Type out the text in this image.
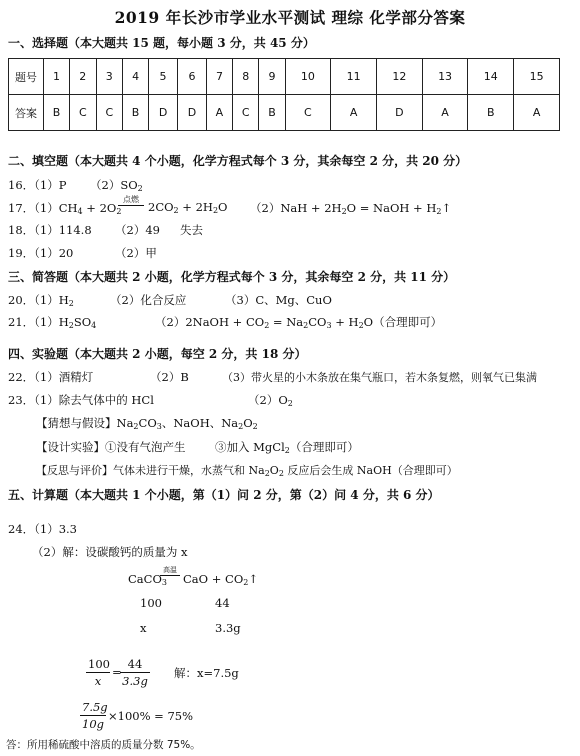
2019 年长沙市学业水平测试 理综 化学部分答案
一、选择题（本大题共 15 题，每小题 3 分，共 45 分）
题号	1	2	3	4	5	6	7	8	9	10	11	12	13	14	15
答案	B	C	C	B	D	D	A	C	B	C	A	D	A	B	A
二、填空题（本大题共 4 个小题，化学方程式每个 3 分，其余每空 2 分，共 20 分）
16．（1）P $(2)SO_2$
17．$(1)CH_4 + 2O_2$
点燃
$2CO_2 + 2H_2O$ $(2)NaH + 2H_2O$ = NaOH + $H_2↑$
18．（1）114.8 （2）49 失去
19．（1）20	（2）甲
三、简答题（本大题共 2 小题，化学方程式每个 3 分，其余每空 2 分，共 11 分）
20．$(1)H_2$	（2）化合反应	（3）C、Mg、CuO
21．$(1)H_2SO_4$	（2）2NaOH + $CO_2 = Na_2CO_3 + H_2O$（合理即可）
四、实验题（本大题共 2 小题，每空 2 分，共 18 分）
22．（1）酒精灯	（2）B	（3）带火星的小木条放在集气瓶口，若木条复燃，则氧气已集满
23．（1）除去气体中的 HCl	$(2)O_2$
【猜想与假设】$Na_2CO_3$、NaOH、$Na_2O_2$
【设计实验】①没有气泡产生	③加入 MgCl$_2$（合理即可）
【反思与评价】气体未进行干燥，水蒸气和 $Na_2O_2$ 反应后会生成 NaOH（合理即可）
五、计算题（本大题共 1 个小题，第（1）问 2 分，第（2）问 4 分，共 6 分）
24．（1）3.3
（2）解：设碳酸钙的质量为 x
CaCO$_3$
高温
CaO + $CO_2↑$
100	44
x	3.3g
$\frac{100}{x}$ =
$\frac{44}{3.3g}$ 解：x=7.5g
$\frac{7.5g}{10g} \times 100\% = 75\%$
答：所用稀硫酸中溶质的质量分数 75%。
